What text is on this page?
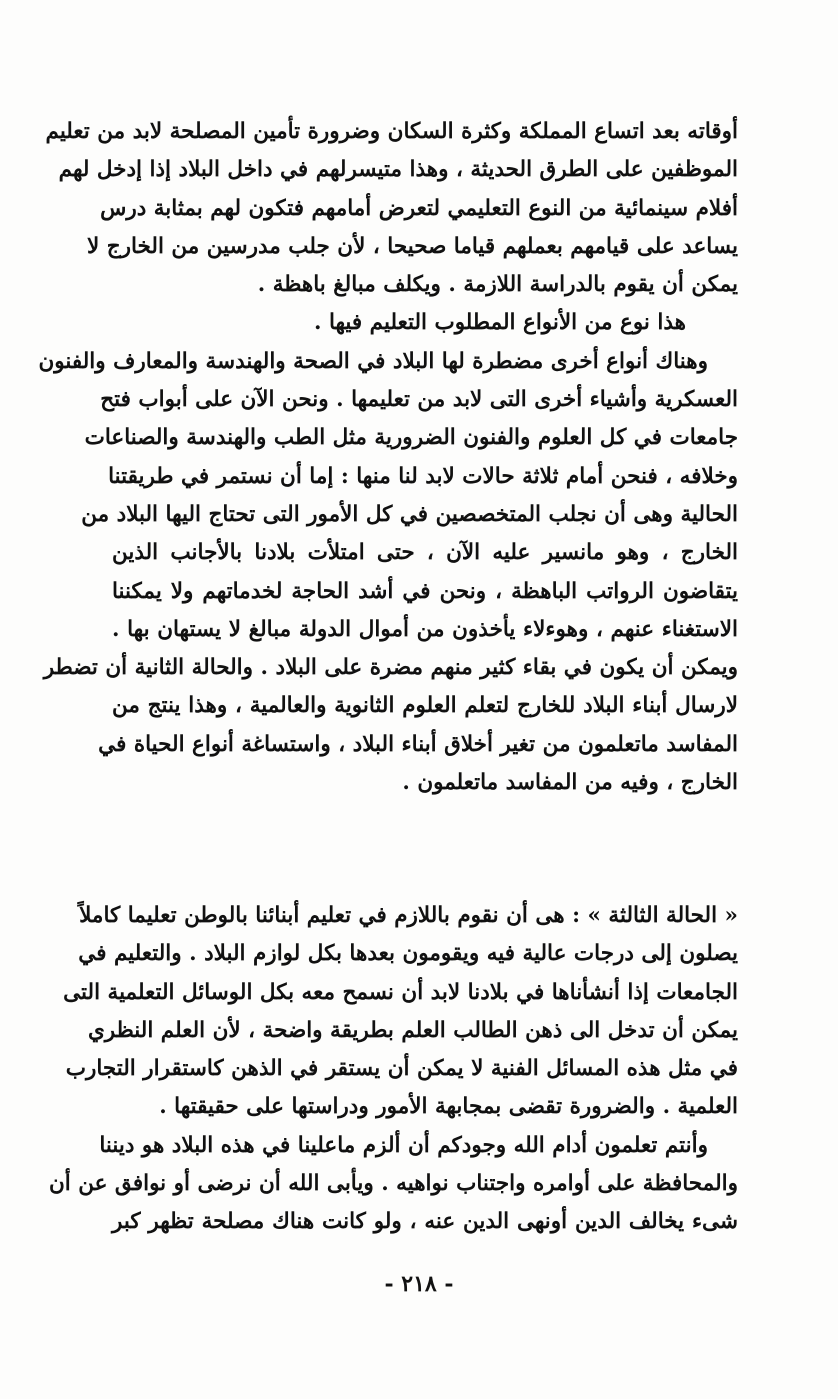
أوقاته بعد اتساع المملكة وكثرة السكان وضرورة تأمين المصلحة لابد من تعليم
الموظفين على الطرق الحديثة ، وهذا متيسرلهم في داخل البلاد إذا إدخل لهم
أفلام سينمائية من النوع التعليمي لتعرض أمامهم فتكون لهم بمثابة درس
يساعد على قيامهم بعملهم قياما صحيحا ، لأن جلب مدرسين من الخارج لا
يمكن أن يقوم بالدراسة اللازمة . ويكلف مبالغ باهظة .
هذا نوع من الأنواع المطلوب التعليم فيها .
وهناك أنواع أخرى مضطرة لها البلاد في الصحة والهندسة والمعارف والفنون
العسكرية وأشياء أخرى التى لابد من تعليمها . ونحن الآن على أبواب فتح
جامعات في كل العلوم والفنون الضرورية مثل الطب والهندسة والصناعات
وخلافه ، فنحن أمام ثلاثة حالات لابد لنا منها : إما أن نستمر في طريقتنا
الحالية وهى أن نجلب المتخصصين في كل الأمور التى تحتاج اليها البلاد من
الخارج ، وهو مانسير عليه الآن ، حتى امتلأت بلادنا بالأجانب الذين
يتقاضون الرواتب الباهظة ، ونحن في أشد الحاجة لخدماتهم ولا يمكننا
الاستغناء عنهم ، وهوءلاء يأخذون من أموال الدولة مبالغ لا يستهان بها .
ويمكن أن يكون في بقاء كثير منهم مضرة على البلاد . والحالة الثانية أن تضطر
لارسال أبناء البلاد للخارج لتعلم العلوم الثانوية والعالمية ، وهذا ينتج من
المفاسد ماتعلمون من تغير أخلاق أبناء البلاد ، واستساغة أنواع الحياة في
الخارج ، وفيه من المفاسد ماتعلمون .
« الحالة الثالثة » : هى أن نقوم باللازم في تعليم أبنائنا بالوطن تعليما كاملاً
يصلون إلى درجات عالية فيه ويقومون بعدها بكل لوازم البلاد . والتعليم في
الجامعات إذا أنشأناها في بلادنا لابد أن نسمح معه بكل الوسائل التعلمية التى
يمكن أن تدخل الى ذهن الطالب العلم بطريقة واضحة ، لأن العلم النظري
في مثل هذه المسائل الفنية لا يمكن أن يستقر في الذهن كاستقرار التجارب
العلمية . والضرورة تقضى بمجابهة الأمور ودراستها على حقيقتها .
وأنتم تعلمون أدام الله وجودكم أن ألزم ماعلينا في هذه البلاد هو ديننا
والمحافظة على أوامره واجتناب نواهيه . ويأبى الله أن نرضى أو نوافق عن أن
شىء يخالف الدين أونهى الدين عنه ، ولو كانت هناك مصلحة تظهر كبر
- ٢١٨ -
